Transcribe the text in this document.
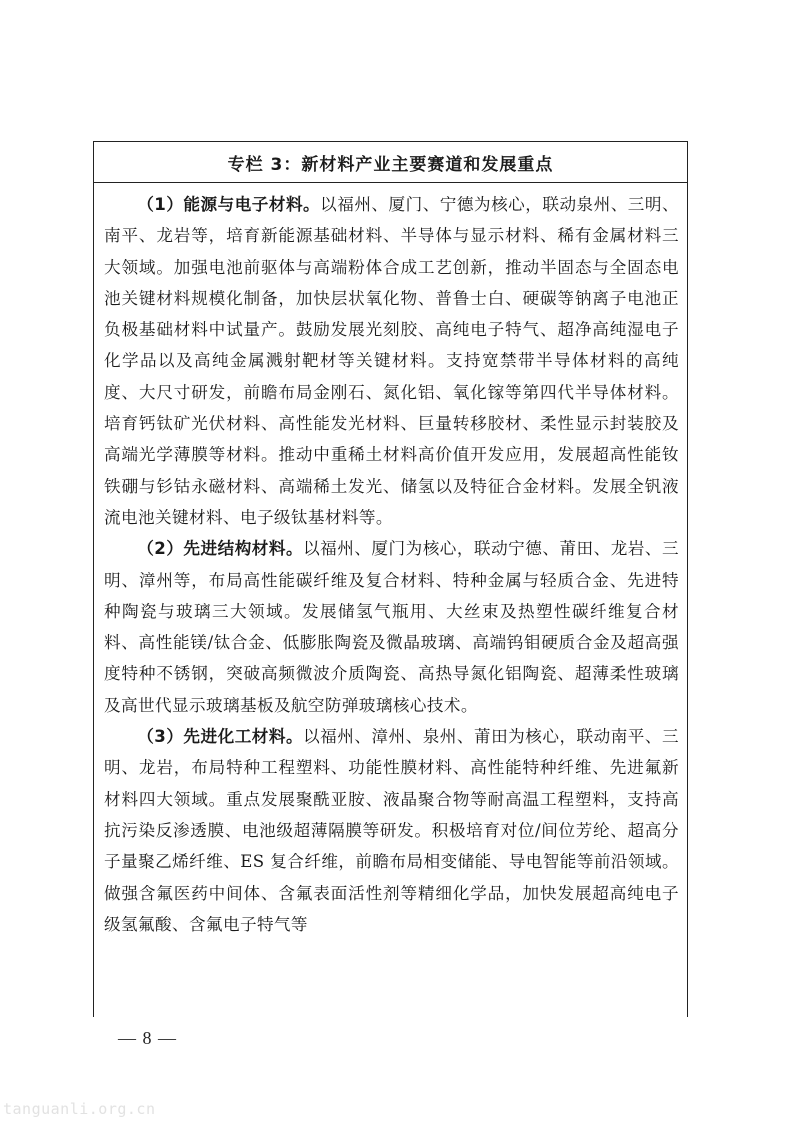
专栏 3：新材料产业主要赛道和发展重点

（1）能源与电子材料。以福州、厦门、宁德为核心，联动泉州、三明、南平、龙岩等，培育新能源基础材料、半导体与显示材料、稀有金属材料三大领域。加强电池前驱体与高端粉体合成工艺创新，推动半固态与全固态电池关键材料规模化制备，加快层状氧化物、普鲁士白、硬碳等钠离子电池正负极基础材料中试量产。鼓励发展光刻胶、高纯电子特气、超净高纯湿电子化学品以及高纯金属溅射靶材等关键材料。支持宽禁带半导体材料的高纯度、大尺寸研发，前瞻布局金刚石、氮化铝、氧化镓等第四代半导体材料。培育钙钛矿光伏材料、高性能发光材料、巨量转移胶材、柔性显示封装胶及高端光学薄膜等材料。推动中重稀土材料高价值开发应用，发展超高性能钕铁硼与钐钴永磁材料、高端稀土发光、储氢以及特征合金材料。发展全钒液流电池关键材料、电子级钛基材料等。

（2）先进结构材料。以福州、厦门为核心，联动宁德、莆田、龙岩、三明、漳州等，布局高性能碳纤维及复合材料、特种金属与轻质合金、先进特种陶瓷与玻璃三大领域。发展储氢气瓶用、大丝束及热塑性碳纤维复合材料、高性能镁/钛合金、低膨胀陶瓷及微晶玻璃、高端钨钼硬质合金及超高强度特种不锈钢，突破高频微波介质陶瓷、高热导氮化铝陶瓷、超薄柔性玻璃及高世代显示玻璃基板及航空防弹玻璃核心技术。

（3）先进化工材料。以福州、漳州、泉州、莆田为核心，联动南平、三明、龙岩，布局特种工程塑料、功能性膜材料、高性能特种纤维、先进氟新材料四大领域。重点发展聚酰亚胺、液晶聚合物等耐高温工程塑料，支持高抗污染反渗透膜、电池级超薄隔膜等研发。积极培育对位/间位芳纶、超高分子量聚乙烯纤维、ES 复合纤维，前瞻布局相变储能、导电智能等前沿领域。做强含氟医药中间体、含氟表面活性剂等精细化学品，加快发展超高纯电子级氢氟酸、含氟电子特气等

— 8 —
tanguanli.org.cn
